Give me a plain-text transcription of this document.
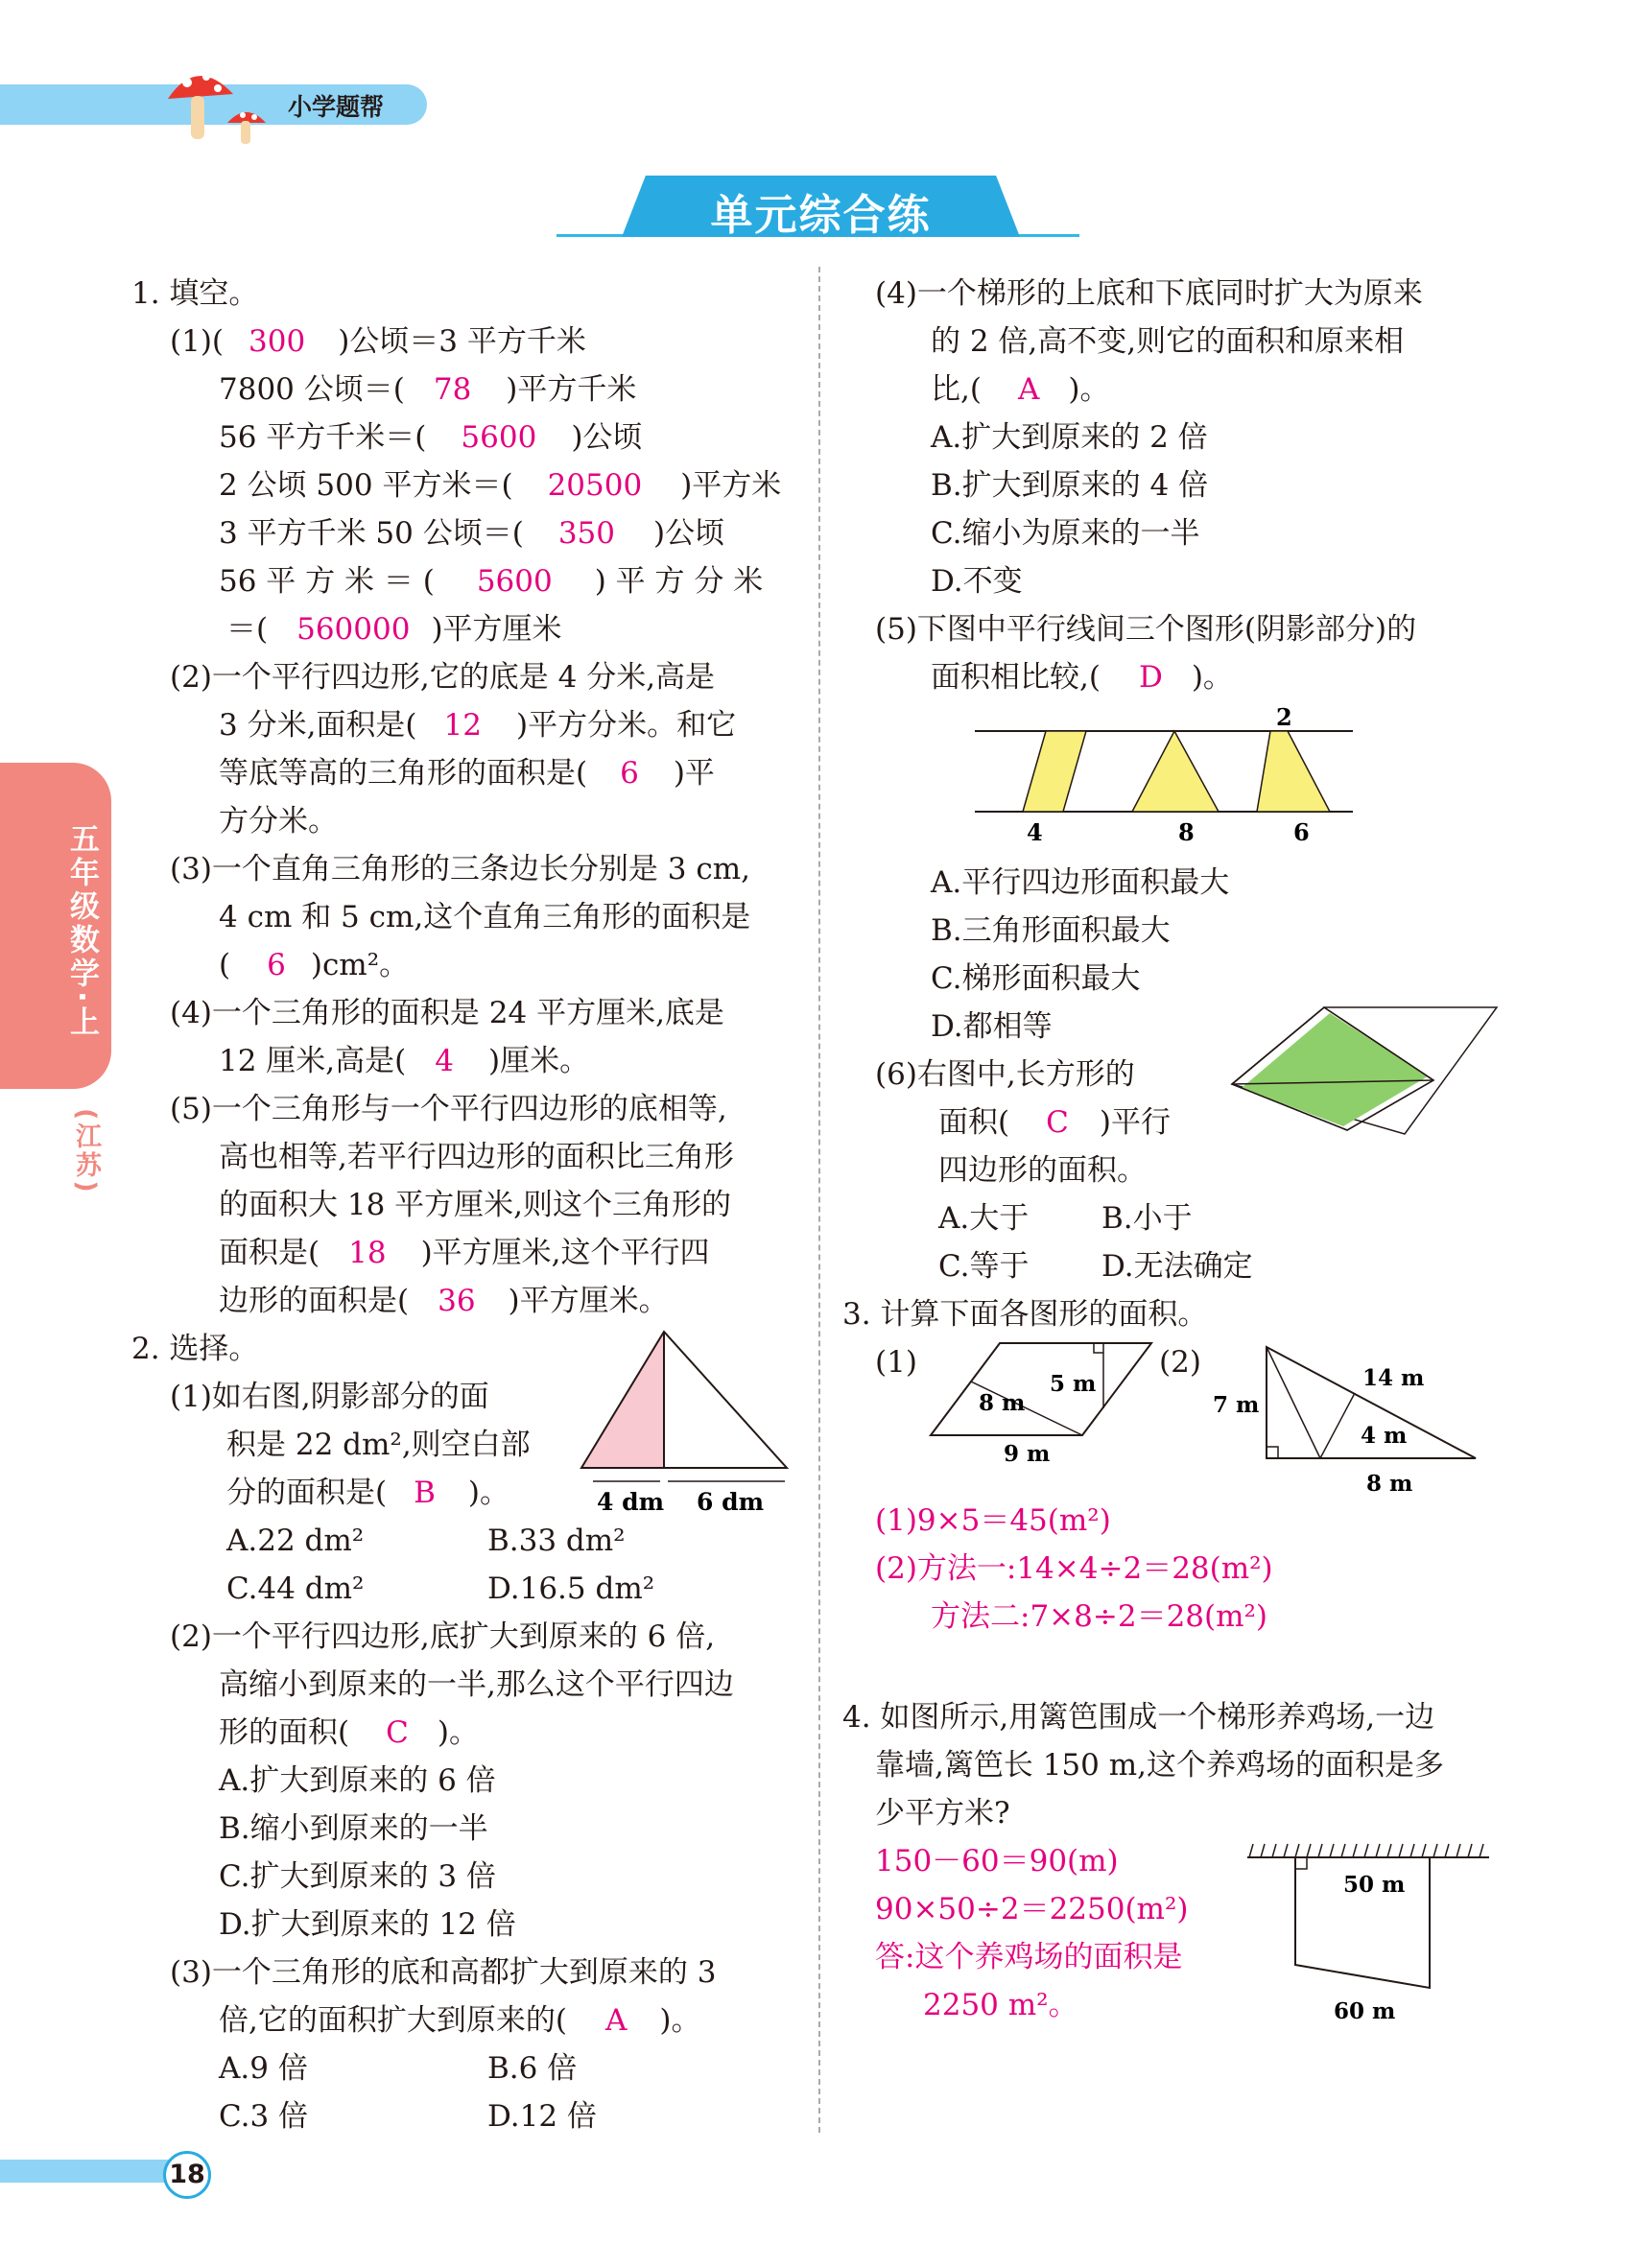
小学题帮
单元综合练
五年级数学·上
(江苏)
18
1. 填空。
(1)( 300 )公顷＝3 平方千米
7800 公顷＝( 78 )平方千米
56 平方千米＝( 5600 )公顷
2 公顷 500 平方米＝( 20500 )平方米
3 平方千米 50 公顷＝( 350 )公顷
56 平 方 米 ＝ ( 5600 ) 平 方 分 米
＝( 560000 )平方厘米
(2)一个平行四边形,它的底是 4 分米,高是
3 分米,面积是( 12 )平方分米。和它
等底等高的三角形的面积是( 6 )平
方分米。
(3)一个直角三角形的三条边长分别是 3 cm,
4 cm 和 5 cm,这个直角三角形的面积是
( 6 )cm²。
(4)一个三角形的面积是 24 平方厘米,底是
12 厘米,高是( 4 )厘米。
(5)一个三角形与一个平行四边形的底相等,
高也相等,若平行四边形的面积比三角形
的面积大 18 平方厘米,则这个三角形的
面积是( 18 )平方厘米,这个平行四
边形的面积是( 36 )平方厘米。
2. 选择。
(1)如右图,阴影部分的面
积是 22 dm²,则空白部
分的面积是( B )。	4 dm 6 dm
A.22 dm²	B.33 dm²
C.44 dm²	D.16.5 dm²
(2)一个平行四边形,底扩大到原来的 6 倍,
高缩小到原来的一半,那么这个平行四边
形的面积( C )。
A.扩大到原来的 6 倍
B.缩小到原来的一半
C.扩大到原来的 3 倍
D.扩大到原来的 12 倍
(3)一个三角形的底和高都扩大到原来的 3
倍,它的面积扩大到原来的( A )。
A.9 倍	B.6 倍
C.3 倍	D.12 倍
(4)一个梯形的上底和下底同时扩大为原来
的 2 倍,高不变,则它的面积和原来相
比,( A )。
A.扩大到原来的 2 倍
B.扩大到原来的 4 倍
C.缩小为原来的一半
D.不变
(5)下图中平行线间三个图形(阴影部分)的
面积相比较,( D )。
2
4	8	6
A.平行四边形面积最大
B.三角形面积最大
C.梯形面积最大
D.都相等
(6)右图中,长方形的
面积( C )平行
四边形的面积。
A.大于 B.小于
C.等于 D.无法确定
3. 计算下面各图形的面积。
(1)	(2)
5 m
8 m
9 m
14 m
7 m
4 m
8 m
(1)9×5＝45(m²)
(2)方法一:14×4÷2＝28(m²)
方法二:7×8÷2＝28(m²)
4. 如图所示,用篱笆围成一个梯形养鸡场,一边
靠墙,篱笆长 150 m,这个养鸡场的面积是多
少平方米?
150－60＝90(m)
90×50÷2＝2250(m²)
答:这个养鸡场的面积是
2250 m²。
50 m
60 m
